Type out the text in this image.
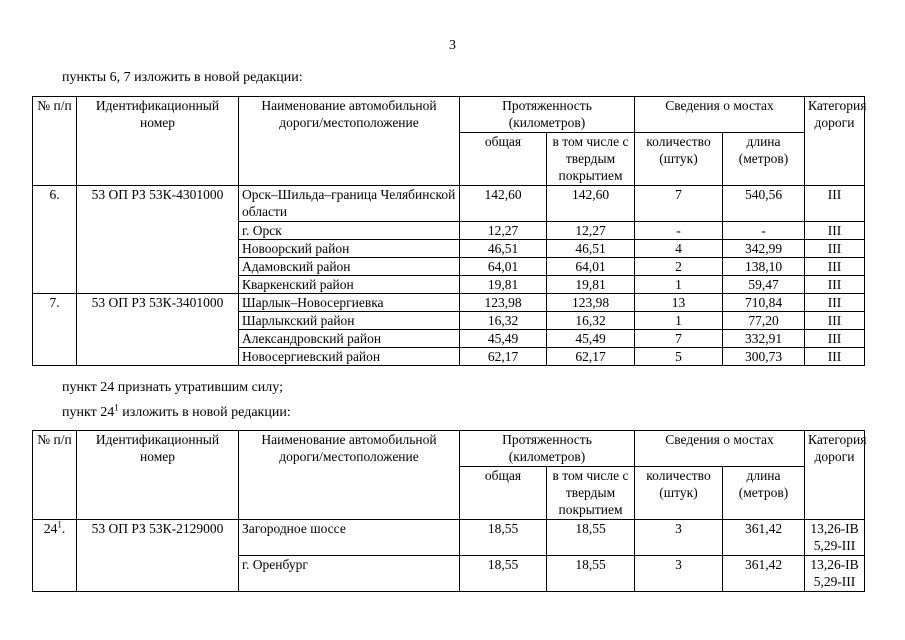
3
пункты 6, 7 изложить в новой редакции:
№ п/п	Идентификационный номер	Наименование автомобильной дороги/местоположение	Протяженность (километров)		Сведения о мостах		Категория дороги
			общая	в том числе с твердым покрытием	количество (штук)	длина (метров)	
6.	53 ОП РЗ 53К-4301000	Орск–Шильда–граница Челябинской области	142,60	142,60	7	540,56	III
		г. Орск	12,27	12,27	-	-	III
		Новоорский район	46,51	46,51	4	342,99	III
		Адамовский район	64,01	64,01	2	138,10	III
		Кваркенский район	19,81	19,81	1	59,47	III
7.	53 ОП РЗ 53К-3401000	Шарлык–Новосергиевка	123,98	123,98	13	710,84	III
		Шарлыкский район	16,32	16,32	1	77,20	III
		Александровский район	45,49	45,49	7	332,91	III
		Новосергиевский район	62,17	62,17	5	300,73	III
пункт 24 признать утратившим силу;
пункт $24^1$ изложить в новой редакции:
№ п/п	Идентификационный номер	Наименование автомобильной дороги/местоположение	Протяженность (километров)		Сведения о мостах		Категория дороги
			общая	в том числе с твердым покрытием	количество (штук)	длина (метров)	
$24^1$.	53 ОП РЗ 53К-2129000	Загородное шоссе	18,55	18,55	3	361,42	13,26-IB
5,29-III

		г. Оренбург	18,55	18,55	3	361,42	13,26-IB
5,29-III
